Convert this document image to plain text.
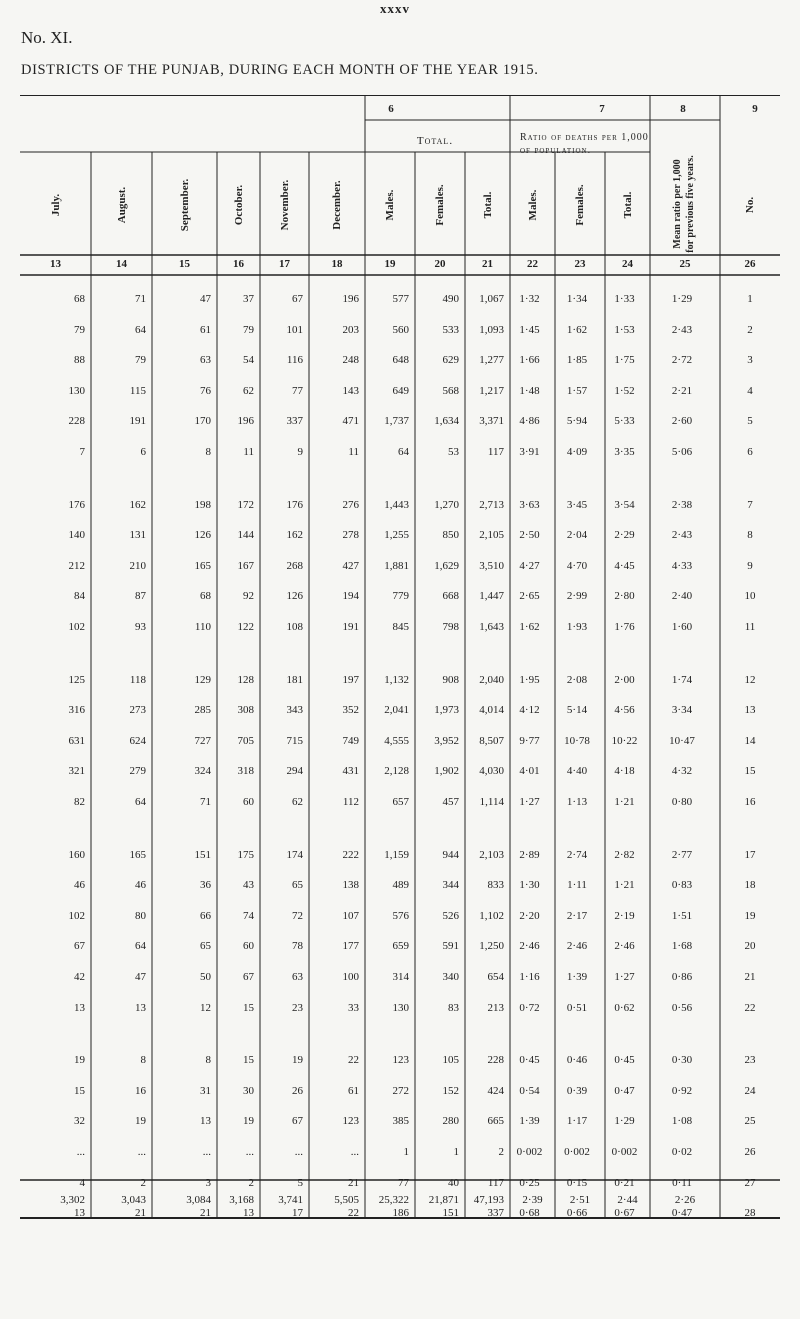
xxxv
No. XI.
DISTRICTS OF THE PUNJAB, DURING EACH MONTH OF THE YEAR 1915.
6	7	8	9
Total.	Ratio of deaths per 1,000 of population.
July.
13
August.
14
September.
15
October.
16
November.
17
December.
18
Males.
19
Females.
20
Total.
21
Males.
22
Females.
23
Total.
24
Mean ratio per 1,000 for previous five years.
25
No.
26
68	71	47	37	67	196	577	490	1,067	1·32	1·34	1·33	1·29	1
79	64	61	79	101	203	560	533	1,093	1·45	1·62	1·53	2·43	2
88	79	63	54	116	248	648	629	1,277	1·66	1·85	1·75	2·72	3
130	115	76	62	77	143	649	568	1,217	1·48	1·57	1·52	2·21	4
228	191	170	196	337	471	1,737	1,634	3,371	4·86	5·94	5·33	2·60	5
7	6	8	11	9	11	64	53	117	3·91	4·09	3·35	5·06	6
176	162	198	172	176	276	1,443	1,270	2,713	3·63	3·45	3·54	2·38	7
140	131	126	144	162	278	1,255	850	2,105	2·50	2·04	2·29	2·43	8
212	210	165	167	268	427	1,881	1,629	3,510	4·27	4·70	4·45	4·33	9
84	87	68	92	126	194	779	668	1,447	2·65	2·99	2·80	2·40	10
102	93	110	122	108	191	845	798	1,643	1·62	1·93	1·76	1·60	11
125	118	129	128	181	197	1,132	908	2,040	1·95	2·08	2·00	1·74	12
316	273	285	308	343	352	2,041	1,973	4,014	4·12	5·14	4·56	3·34	13
631	624	727	705	715	749	4,555	3,952	8,507	9·77	10·78	10·22	10·47	14
321	279	324	318	294	431	2,128	1,902	4,030	4·01	4·40	4·18	4·32	15
82	64	71	60	62	112	657	457	1,114	1·27	1·13	1·21	0·80	16
160	165	151	175	174	222	1,159	944	2,103	2·89	2·74	2·82	2·77	17
46	46	36	43	65	138	489	344	833	1·30	1·11	1·21	0·83	18
102	80	66	74	72	107	576	526	1,102	2·20	2·17	2·19	1·51	19
67	64	65	60	78	177	659	591	1,250	2·46	2·46	2·46	1·68	20
42	47	50	67	63	100	314	340	654	1·16	1·39	1·27	0·86	21
13	13	12	15	23	33	130	83	213	0·72	0·51	0·62	0·56	22
19	8	8	15	19	22	123	105	228	0·45	0·46	0·45	0·30	23
15	16	31	30	26	61	272	152	424	0·54	0·39	0·47	0·92	24
32	19	13	19	67	123	385	280	665	1·39	1·17	1·29	1·08	25
...	...	...	...	...	...	1	1	2	0·002	0·002	0·002	0·02	26
4	2	3	2	5	21	77	40	117	0·25	0·15	0·21	0·11	27
13	21	21	13	17	22	186	151	337	0·68	0·66	0·67	0·47	28
3,302	3,043	3,084	3,168	3,741	5,505	25,322	21,871	47,193	2·39	2·51	2·44	2·26
